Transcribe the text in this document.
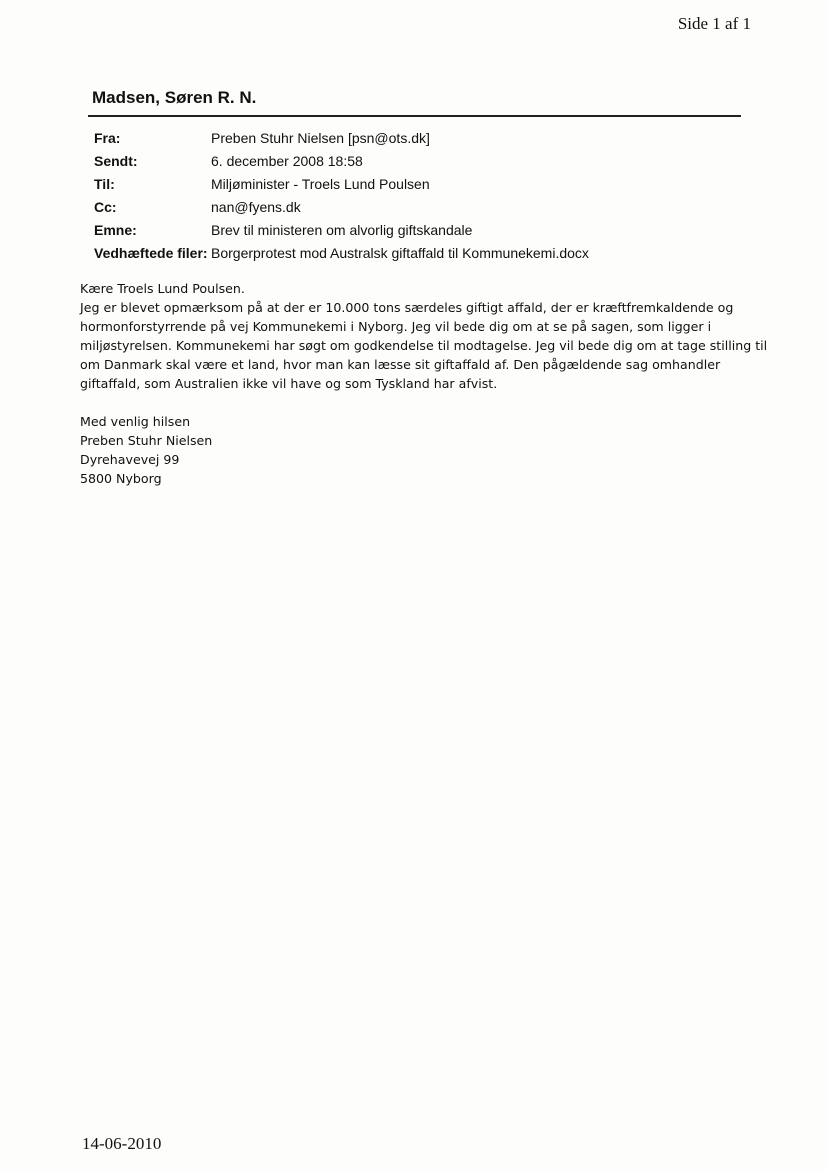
Side 1 af 1
Madsen, Søren R. N.
Fra:	Preben Stuhr Nielsen [psn@ots.dk]
Sendt:	6. december 2008 18:58
Til:	Miljøminister - Troels Lund Poulsen
Cc:	nan@fyens.dk
Emne:	Brev til ministeren om alvorlig giftskandale
Vedhæftede filer:	Borgerprotest mod Australsk giftaffald til Kommunekemi.docx

Kære Troels Lund Poulsen.

Jeg er blevet opmærksom på at der er 10.000 tons særdeles giftigt affald, der er kræftfremkaldende og

hormonforstyrrende på vej Kommunekemi i Nyborg. Jeg vil bede dig om at se på sagen, som ligger i

miljøstyrelsen. Kommunekemi har søgt om godkendelse til modtagelse. Jeg vil bede dig om at tage stilling til

om Danmark skal være et land, hvor man kan læsse sit giftaffald af. Den pågældende sag omhandler

giftaffald, som Australien ikke vil have og som Tyskland har afvist.

Med venlig hilsen

Preben Stuhr Nielsen

Dyrehavevej 99

5800 Nyborg

14-06-2010
